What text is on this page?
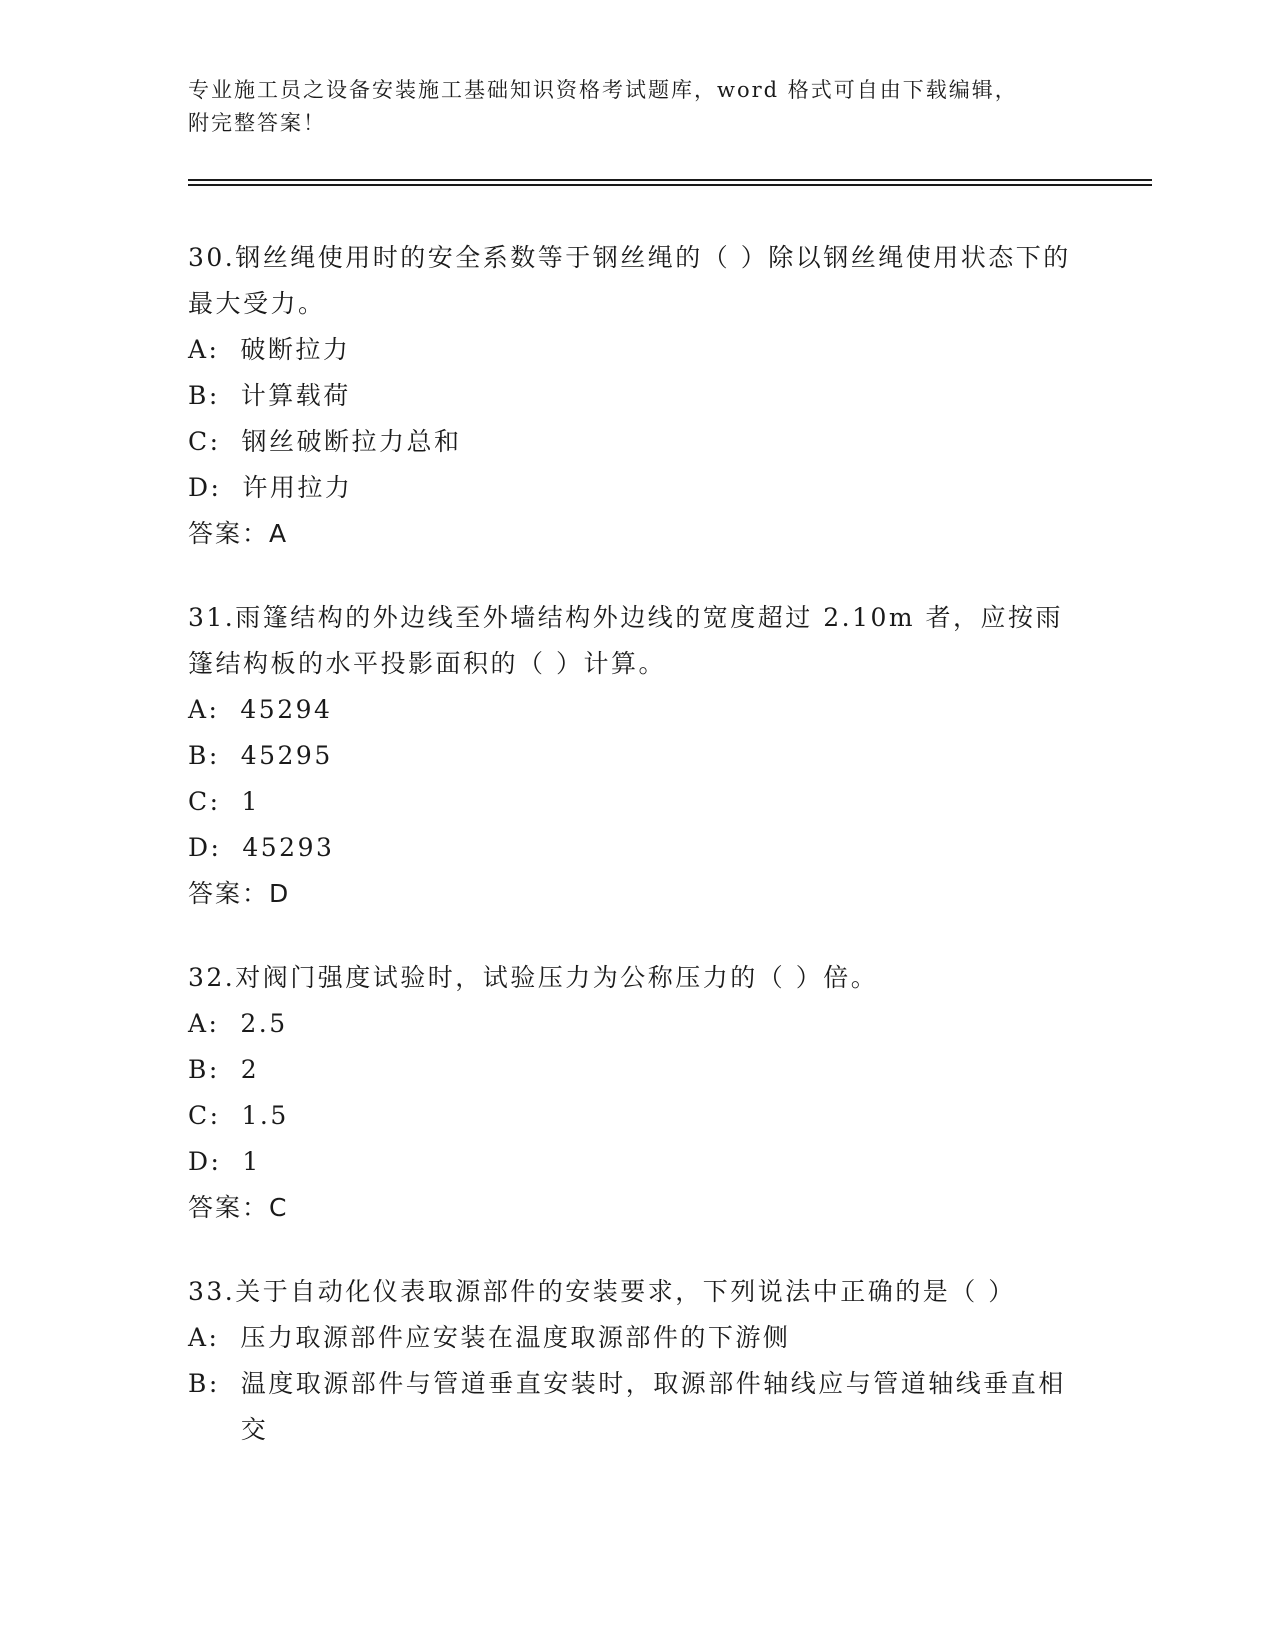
专业施工员之设备安装施工基础知识资格考试题库，word 格式可自由下载编辑，
附完整答案！
30.钢丝绳使用时的安全系数等于钢丝绳的（ ）除以钢丝绳使用状态下的最大受力。
A:
破断拉力
B:
计算载荷
C:
钢丝破断拉力总和
D:
许用拉力
答案：A
31.雨篷结构的外边线至外墙结构外边线的宽度超过 2.10m 者，应按雨篷结构板的水平投影面积的（ ）计算。
A:
45294
B:
45295
C:
1
D:
45293
答案：D
32.对阀门强度试验时，试验压力为公称压力的（ ）倍。
A:
2.5
B:
2
C:
1.5
D:
1
答案：C
33.关于自动化仪表取源部件的安装要求，下列说法中正确的是（ ）
A:
压力取源部件应安装在温度取源部件的下游侧
B:
温度取源部件与管道垂直安装时，取源部件轴线应与管道轴线垂直相交
